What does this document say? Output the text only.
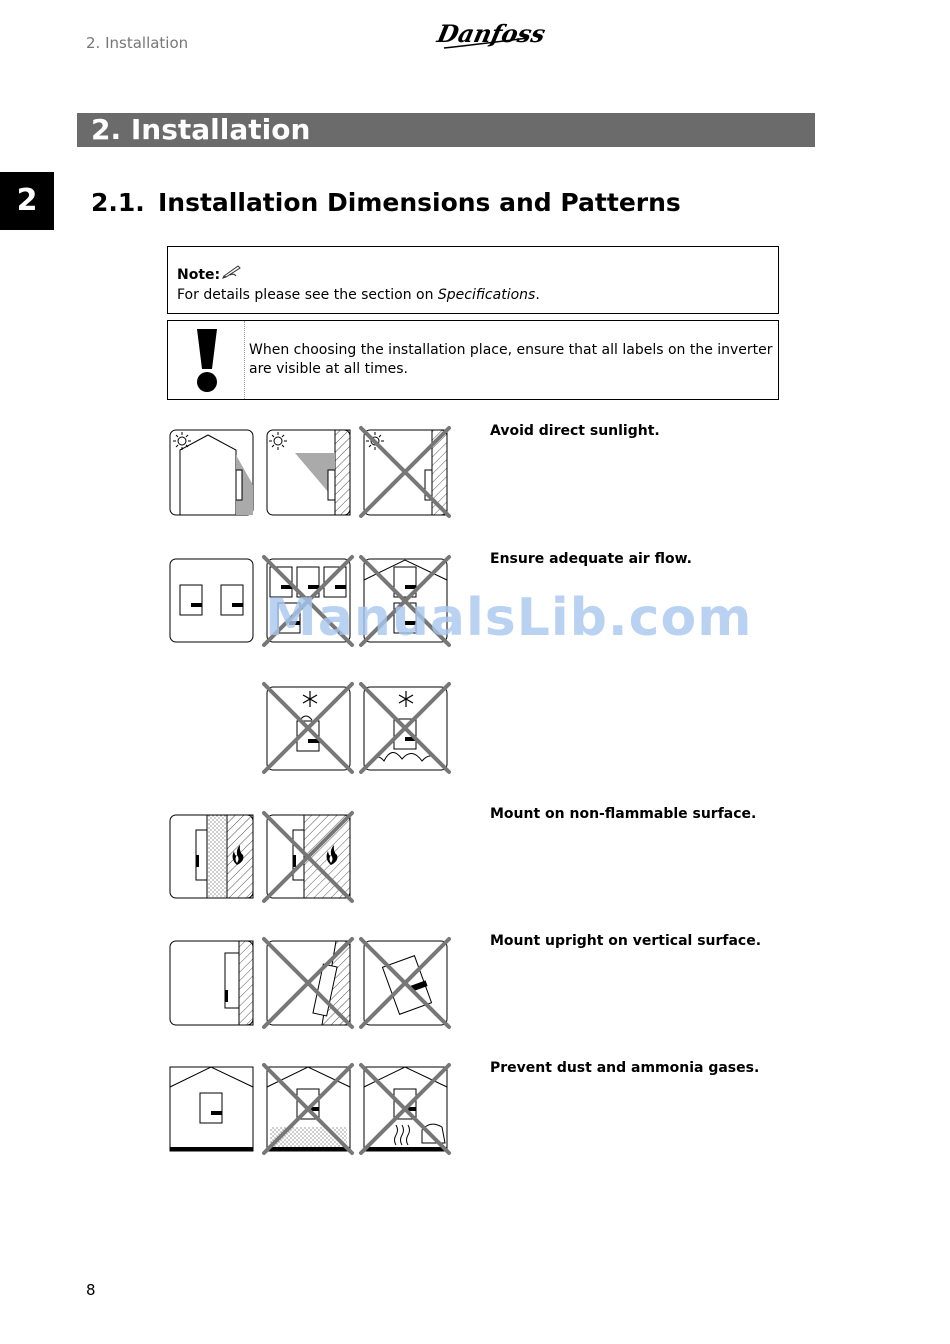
2. Installation	Danfoss
2. Installation
2	2.1. Installation Dimensions and Patterns
Note:
For details please see the section on Specifications.
When choosing the installation place, ensure that all labels on the inverter are visible at all times.
Avoid direct sunlight.
Ensure adequate air flow.
Mount on non-flammable surface.
Mount upright on vertical surface.
Prevent dust and ammonia gases.
ManualsLib.com
8
